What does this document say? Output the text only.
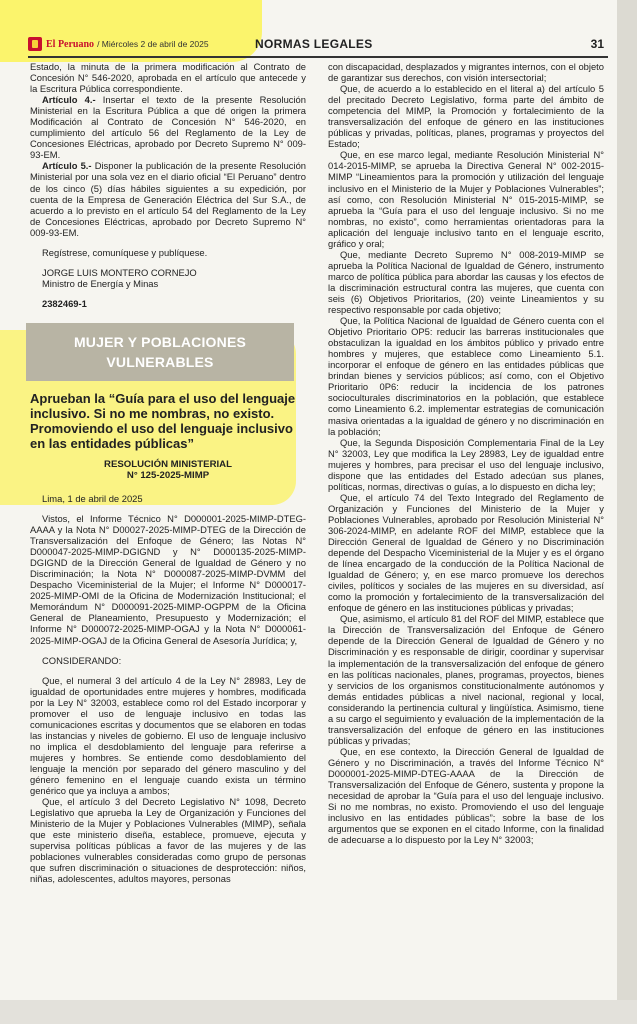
El Peruano / Miércoles 2 de abril de 2025	NORMAS LEGALES	31

Estado, la minuta de la primera modificación al Contrato de Concesión N° 546-2020, aprobada en el artículo que antecede y la Escritura Pública correspondiente.

Artículo 4.- Insertar el texto de la presente Resolución Ministerial en la Escritura Pública a que dé origen la primera Modificación al Contrato de Concesión N° 546-2020, en cumplimiento del artículo 56 del Reglamento de la Ley de Concesiones Eléctricas, aprobado por Decreto Supremo N° 009-93-EM.

Artículo 5.- Disponer la publicación de la presente Resolución Ministerial por una sola vez en el diario oficial “El Peruano” dentro de los cinco (5) días hábiles siguientes a su expedición, por cuenta de la Empresa de Generación Eléctrica del Sur S.A., de acuerdo a lo previsto en el artículo 54 del Reglamento de la Ley de Concesiones Eléctricas, aprobado por Decreto Supremo N° 009-93-EM.

Regístrese, comuníquese y publíquese.

JORGE LUIS MONTERO CORNEJO

Ministro de Energía y Minas

2382469-1

MUJER Y POBLACIONES
VULNERABLES
Aprueban la “Guía para el uso del lenguaje inclusivo. Si no me nombras, no existo. Promoviendo el uso del lenguaje inclusivo en las entidades públicas”
RESOLUCIÓN MINISTERIAL
N° 125-2025-MIMP

Lima, 1 de abril de 2025

Vistos, el Informe Técnico N° D000001-2025-MIMP-DTEG-AAAA y la Nota N° D00027-2025-MIMP-DTEG de la Dirección de Transversalización del Enfoque de Género; las Notas N° D000047-2025-MIMP-DGIGND y N° D000135-2025-MIMP-DGIGND de la Dirección General de Igualdad de Género y no Discriminación; la Nota N° D000087-2025-MIMP-DVMM del Despacho Viceministerial de la Mujer; el Informe N° D000017-2025-MIMP-OMI de la Oficina de Modernización Institucional; el Memorándum N° D000091-2025-MIMP-OGPPM de la Oficina General de Planeamiento, Presupuesto y Modernización; el Informe N° D000072-2025-MIMP-OGAJ y la Nota N° D000061-2025-MIMP-OGAJ de la Oficina General de Asesoría Jurídica; y,

CONSIDERANDO:

Que, el numeral 3 del artículo 4 de la Ley N° 28983, Ley de igualdad de oportunidades entre mujeres y hombres, modificada por la Ley N° 32003, establece como rol del Estado incorporar y promover el uso de lenguaje inclusivo en todas las comunicaciones escritas y documentos que se elaboren en todas las instancias y niveles de gobierno. El uso de lenguaje inclusivo no implica el desdoblamiento del lenguaje para referirse a mujeres y hombres. Se entiende como desdoblamiento del lenguaje la mención por separado del género masculino y del género femenino en el lenguaje cuando exista un término genérico que ya incluya a ambos;

Que, el artículo 3 del Decreto Legislativo N° 1098, Decreto Legislativo que aprueba la Ley de Organización y Funciones del Ministerio de la Mujer y Poblaciones Vulnerables (MIMP), señala que este ministerio diseña, establece, promueve, ejecuta y supervisa políticas públicas a favor de las mujeres y de las poblaciones vulnerables consideradas como grupo de personas que sufren discriminación o situaciones de desprotección: niños, niñas, adolescentes, adultos mayores, personas

con discapacidad, desplazados y migrantes internos, con el objeto de garantizar sus derechos, con visión intersectorial;

Que, de acuerdo a lo establecido en el literal a) del artículo 5 del precitado Decreto Legislativo, forma parte del ámbito de competencia del MIMP, la Promoción y fortalecimiento de la transversalización del enfoque de género en las instituciones públicas y privadas, políticas, planes, programas y proyectos del Estado;

Que, en ese marco legal, mediante Resolución Ministerial N° 014-2015-MIMP, se aprueba la Directiva General N° 002-2015-MIMP “Lineamientos para la promoción y utilización del lenguaje inclusivo en el Ministerio de la Mujer y Poblaciones Vulnerables”; así como, con Resolución Ministerial N° 015-2015-MIMP, se aprueba la “Guía para el uso del lenguaje inclusivo. Si no me nombras, no existo”, como herramientas orientadoras para la aplicación del lenguaje inclusivo tanto en el lenguaje escrito, gráfico y oral;

Que, mediante Decreto Supremo N° 008-2019-MIMP se aprueba la Política Nacional de Igualdad de Género, instrumento marco de política pública para abordar las causas y los efectos de la discriminación estructural contra las mujeres, que cuenta con seis (6) Objetivos Prioritarios, (20) veinte Lineamientos y su respectivo responsable por cada objetivo;

Que, la Política Nacional de Igualdad de Género cuenta con el Objetivo Prioritario OP5: reducir las barreras institucionales que obstaculizan la igualdad en los ámbitos público y privado entre hombres y mujeres, que establece como Lineamiento 5.1. incorporar el enfoque de género en las entidades públicas que brindan bienes y servicios públicos; así como, con el Objetivo Prioritario 0P6: reducir la incidencia de los patrones socioculturales discriminatorios en la población, que establece como Lineamiento 6.2. implementar estrategias de comunicación masiva orientadas a la igualdad de género y no discriminación en la población;

Que, la Segunda Disposición Complementaria Final de la Ley N° 32003, Ley que modifica la Ley 28983, Ley de igualdad entre mujeres y hombres, para precisar el uso del lenguaje inclusivo, dispone que las entidades del Estado adecúan sus planes, políticas, normas, directivas o guías, a lo dispuesto en dicha ley;

Que, el artículo 74 del Texto Integrado del Reglamento de Organización y Funciones del Ministerio de la Mujer y Poblaciones Vulnerables, aprobado por Resolución Ministerial N° 306-2024-MIMP, en adelante ROF del MIMP, establece que la Dirección General de Igualdad de Género y no Discriminación depende del Despacho Viceministerial de la Mujer y es el órgano de línea encargado de la conducción de la Política Nacional de Igualdad de Género; y, en ese marco promueve los derechos civiles, políticos y sociales de las mujeres en su diversidad, así como la promoción y fortalecimiento de la transversalización del enfoque de género en las instituciones públicas y privadas;

Que, asimismo, el artículo 81 del ROF del MIMP, establece que la Dirección de Transversalización del Enfoque de Género depende de la Dirección General de Igualdad de Género y no Discriminación y es responsable de dirigir, coordinar y supervisar la implementación de la transversalización del enfoque de género en las políticas nacionales, planes, programas, proyectos, bienes y servicios de los organismos constitucionalmente autónomos y demás entidades públicas a nivel nacional, regional y local, considerando la pertinencia cultural y lingüística. Asimismo, tiene a su cargo el seguimiento y evaluación de la implementación de la transversalización del enfoque de género en las instituciones públicas y privadas;

Que, en ese contexto, la Dirección General de Igualdad de Género y no Discriminación, a través del Informe Técnico N° D000001-2025-MIMP-DTEG-AAAA de la Dirección de Transversalización del Enfoque de Género, sustenta y propone la necesidad de aprobar la “Guía para el uso del lenguaje inclusivo. Si no me nombras, no existo. Promoviendo el uso del lenguaje inclusivo en las entidades públicas”; sobre la base de los argumentos que se exponen en el citado Informe, con la finalidad de adecuarse a lo dispuesto por la Ley N° 32003;
